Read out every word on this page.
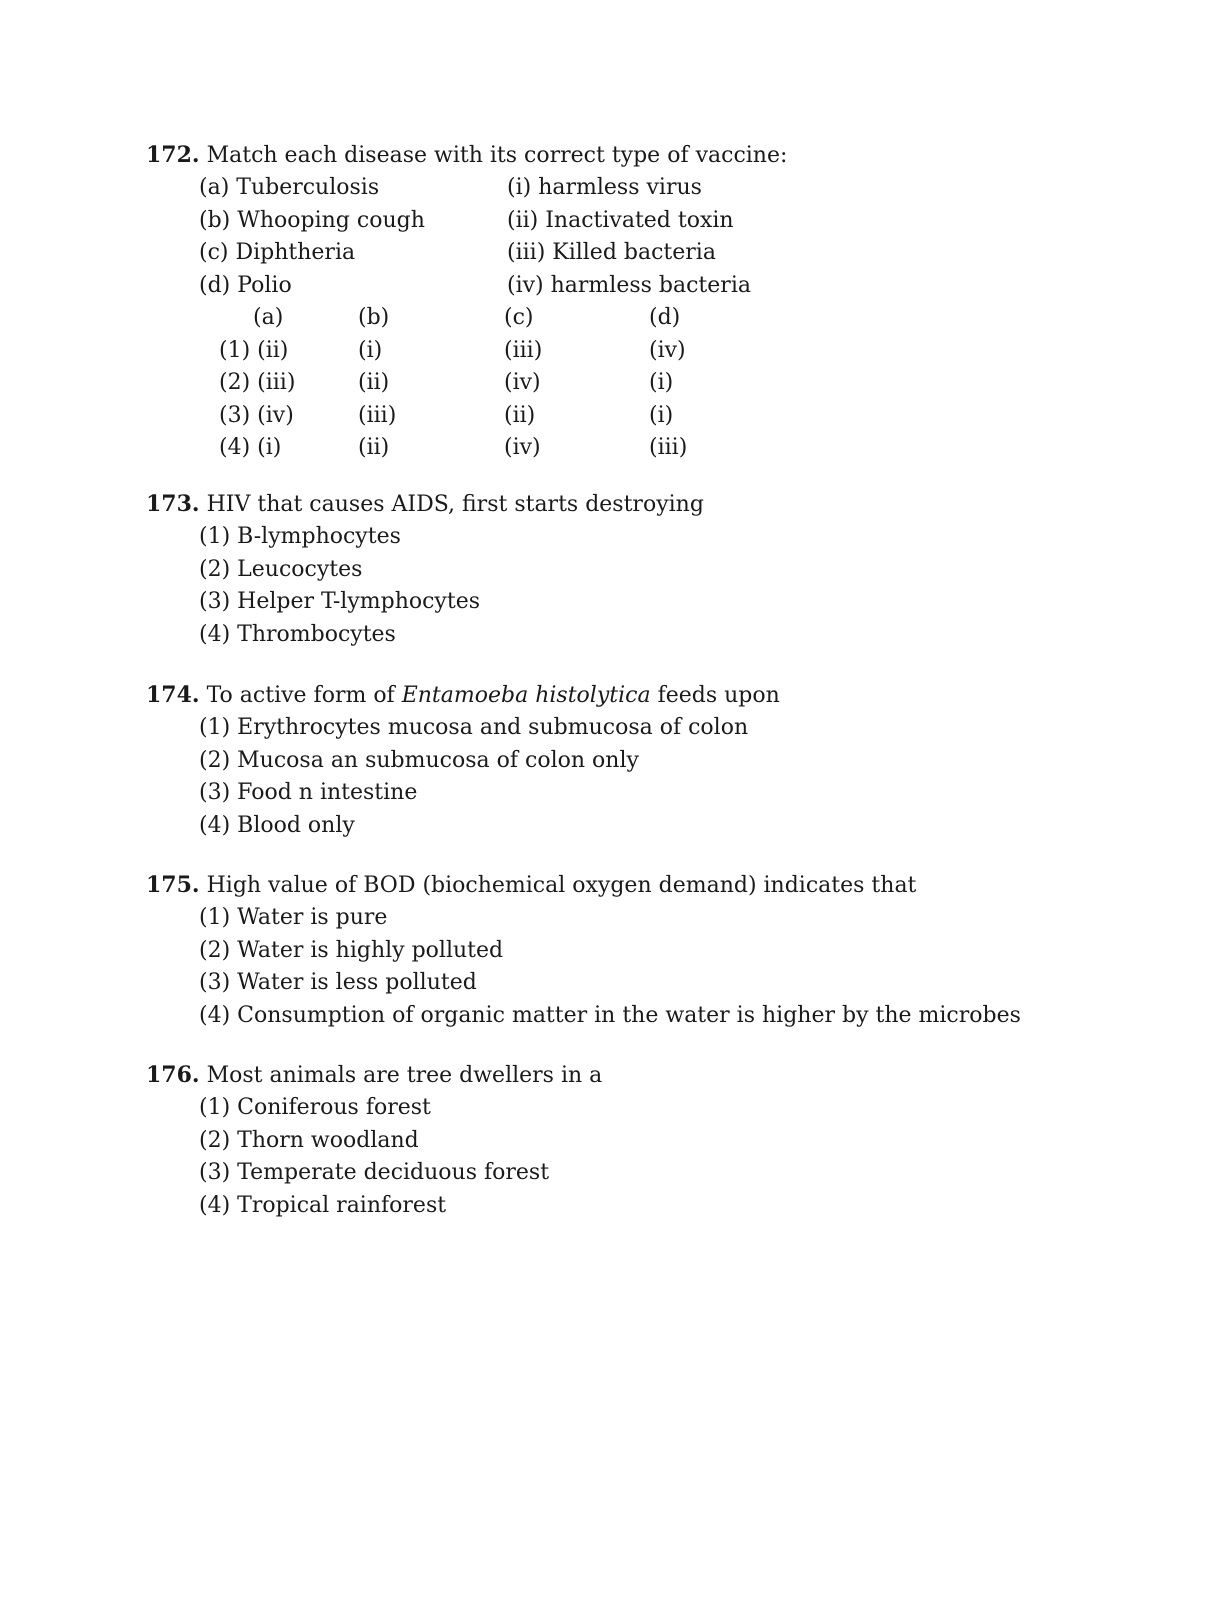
172. Match each disease with its correct type of vaccine:
(a) Tuberculosis	(i) harmless virus
(b) Whooping cough	(ii) Inactivated toxin
(c) Diphtheria	(iii) Killed bacteria
(d) Polio	(iv) harmless bacteria
(a)	(b)	(c)	(d)
(1) (ii)	(i)	(iii)	(iv)
(2) (iii)	(ii)	(iv)	(i)
(3) (iv)	(iii)	(ii)	(i)
(4) (i)	(ii)	(iv)	(iii)
173. HIV that causes AIDS, first starts destroying
(1) B-lymphocytes
(2) Leucocytes
(3) Helper T-lymphocytes
(4) Thrombocytes
174. To active form of Entamoeba histolytica feeds upon
(1) Erythrocytes mucosa and submucosa of colon
(2) Mucosa an submucosa of colon only
(3) Food n intestine
(4) Blood only
175. High value of BOD (biochemical oxygen demand) indicates that
(1) Water is pure
(2) Water is highly polluted
(3) Water is less polluted
(4) Consumption of organic matter in the water is higher by the microbes
176. Most animals are tree dwellers in a
(1) Coniferous forest
(2) Thorn woodland
(3) Temperate deciduous forest
(4) Tropical rainforest
